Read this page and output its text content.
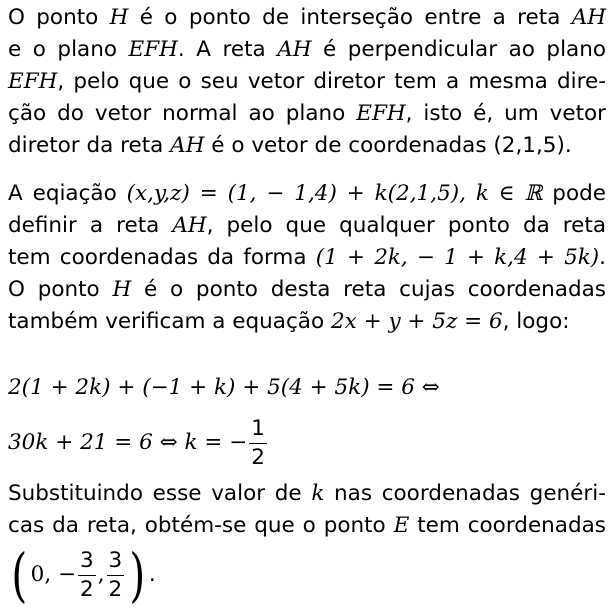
O ponto H é o ponto de interseção entre a reta AH
e o plano EFH. A reta AH é perpendicular ao plano
EFH, pelo que o seu vetor diretor tem a mesma dire-
ção do vetor normal ao plano EFH, isto é, um vetor
diretor da reta AH é o vetor de coordenadas (2,1,5).
A eqiação (x,y,z) = (1, − 1,4) + k(2,1,5), k ∈ ℝ pode
definir a reta AH, pelo que qualquer ponto da reta
tem coordenadas da forma (1 + 2k, − 1 + k,4 + 5k).
O ponto H é o ponto desta reta cujas coordenadas
também verificam a equação 2x + y + 5z = 6, logo:
2(1 + 2k) + (−1 + k) + 5(4 + 5k) = 6 ⇔
30k + 21 = 6 ⇔ k = − $\frac{1}{2}$
Substituindo esse valor de k nas coordenadas genéri-
cas da reta, obtém-se que o ponto E tem coordenadas
( 0, − $\frac{3}{2}$ , $\frac{3}{2}$ ) .
